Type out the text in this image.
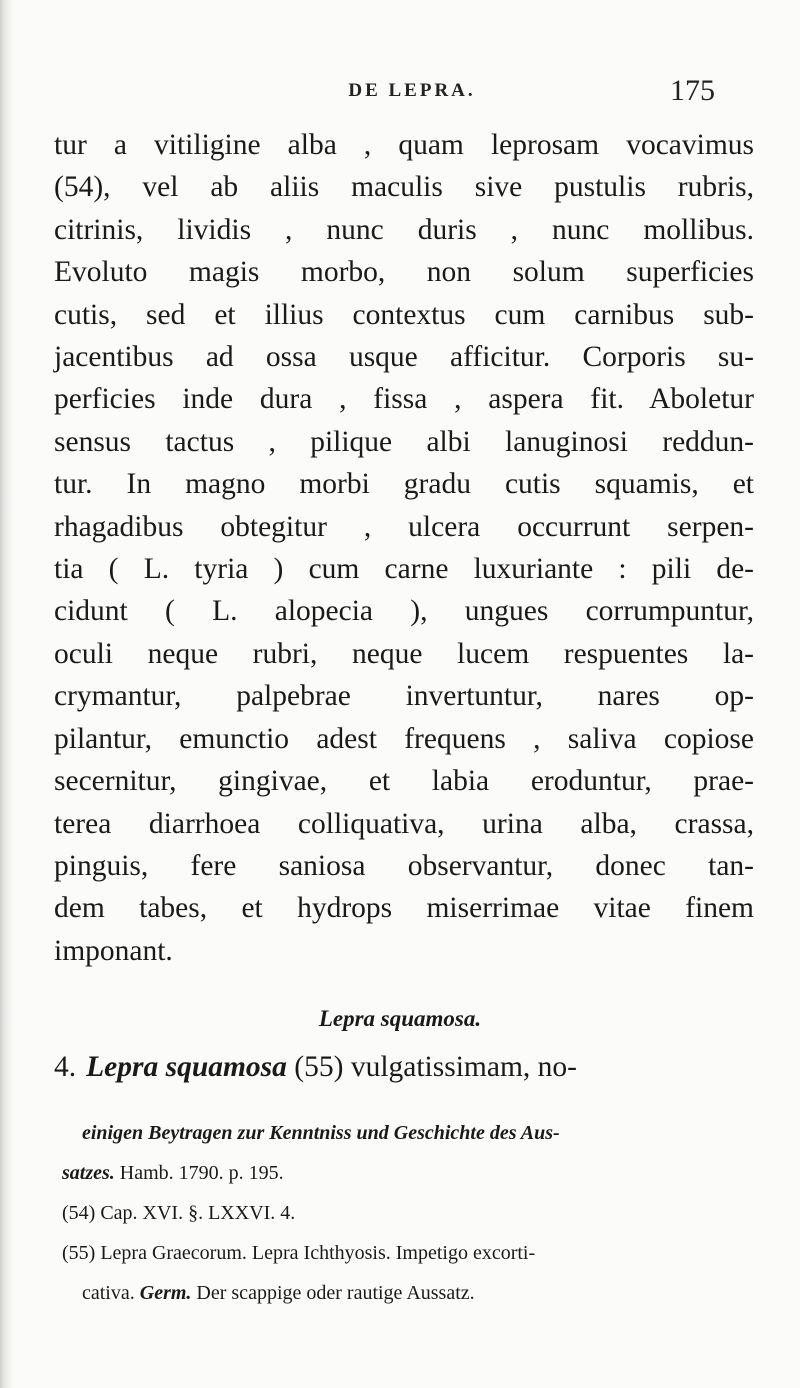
DE LEPRA.	175
tur a vitiligine alba , quam leprosam vocavimus
(54), vel ab aliis maculis sive pustulis rubris,
citrinis, lividis , nunc duris , nunc mollibus.
Evoluto magis morbo, non solum superficies
cutis, sed et illius contextus cum carnibus sub-
jacentibus ad ossa usque afficitur. Corporis su-
perficies inde dura , fissa , aspera fit. Aboletur
sensus tactus , pilique albi lanuginosi reddun-
tur. In magno morbi gradu cutis squamis, et
rhagadibus obtegitur , ulcera occurrunt serpen-
tia ( L. tyria ) cum carne luxuriante : pili de-
cidunt ( L. alopecia ), ungues corrumpuntur,
oculi neque rubri, neque lucem respuentes la-
crymantur, palpebrae invertuntur, nares op-
pilantur, emunctio adest frequens , saliva copiose
secernitur, gingivae, et labia eroduntur, prae-
terea diarrhoea colliquativa, urina alba, crassa,
pinguis, fere saniosa observantur, donec tan-
dem tabes, et hydrops miserrimae vitae finem
imponant.
Lepra squamosa.
4. Lepra squamosa (55) vulgatissimam, no-
einigen Beytragen zur Kenntniss und Geschichte des Aus-
satzes. Hamb. 1790. p. 195.
(54) Cap. XVI. §. LXXVI. 4.
(55) Lepra Graecorum. Lepra Ichthyosis. Impetigo excorti-
cativa. Germ. Der scappige oder rautige Aussatz.
